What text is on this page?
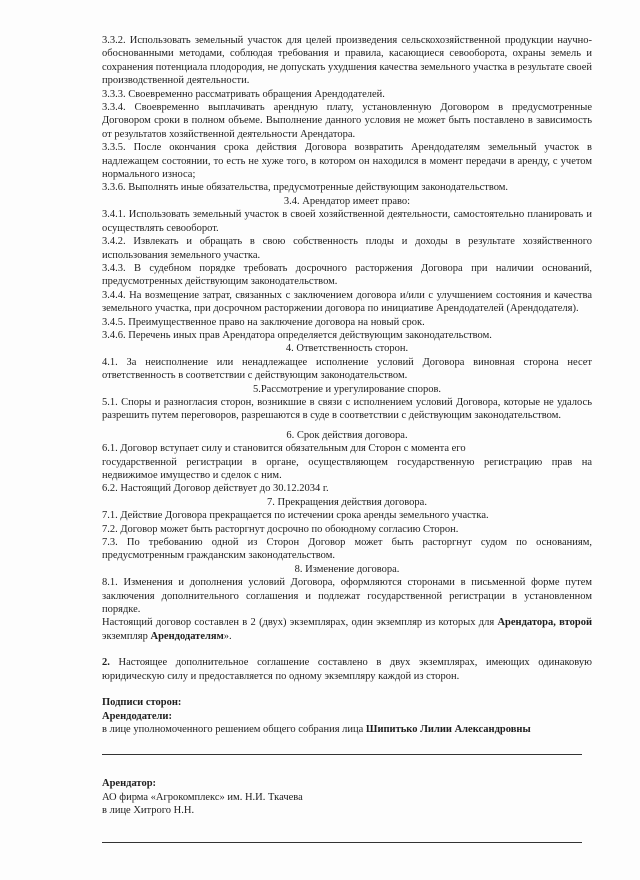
3.3.2. Использовать земельный участок для целей произведения сельскохозяйственной продукции научно-обоснованными методами, соблюдая требования и правила, касающиеся севооборота, охраны земель и сохранения потенциала плодородия, не допускать ухудшения качества земельного участка в результате своей производственной деятельности.

3.3.3. Своевременно рассматривать обращения Арендодателей.

3.3.4. Своевременно выплачивать арендную плату, установленную Договором в предусмотренные Договором сроки в полном объеме. Выполнение данного условия не может быть поставлено в зависимость от результатов хозяйственной деятельности Арендатора.

3.3.5. После окончания срока действия Договора возвратить Арендодателям земельный участок в надлежащем состоянии, то есть не хуже того, в котором он находился в момент передачи в аренду, с учетом нормального износа;

3.3.6. Выполнять иные обязательства, предусмотренные действующим законодательством.

3.4. Арендатор имеет право:

3.4.1. Использовать земельный участок в своей хозяйственной деятельности, самостоятельно планировать и осуществлять севооборот.

3.4.2. Извлекать и обращать в свою собственность плоды и доходы в результате хозяйственного использования земельного участка.

3.4.3. В судебном порядке требовать досрочного расторжения Договора при наличии оснований, предусмотренных действующим законодательством.

3.4.4. На возмещение затрат, связанных с заключением договора и/или с улучшением состояния и качества земельного участка, при досрочном расторжении договора по инициативе Арендодателей (Арендодателя).

3.4.5. Преимущественное право на заключение договора на новый срок.

3.4.6. Перечень иных прав Арендатора определяется действующим законодательством.

4. Ответственность сторон.

4.1. За неисполнение или ненадлежащее исполнение условий Договора виновная сторона несет ответственность в соответствии с действующим законодательством.

5.Рассмотрение и урегулирование споров.

5.1. Споры и разногласия сторон, возникшие в связи с исполнением условий Договора, которые не удалось разрешить путем переговоров, разрешаются в суде в соответствии с действующим законодательством.

6. Срок действия договора.

6.1. Договор вступает силу и становится обязательным для Сторон с момента его

государственной регистрации в органе, осуществляющем государственную регистрацию прав на недвижимое имущество и сделок с ним.

6.2. Настоящий Договор действует до 30.12.2034 г.

7. Прекращения действия договора.

7.1. Действие Договора прекращается по истечении срока аренды земельного участка.

7.2. Договор может быть расторгнут досрочно по обоюдному согласию Сторон.

7.3. По требованию одной из Сторон Договор может быть расторгнут судом по основаниям, предусмотренным гражданским законодательством.

8. Изменение договора.

8.1. Изменения и дополнения условий Договора, оформляются сторонами в письменной форме путем заключения дополнительного соглашения и подлежат государственной регистрации в установленном порядке.

Настоящий договор составлен в 2 (двух) экземплярах, один экземпляр из которых для Арендатора, второй экземпляр Арендодателям».

2. Настоящее дополнительное соглашение составлено в двух экземплярах, имеющих одинаковую юридическую силу и предоставляется по одному экземпляру каждой из сторон.

Подписи сторон:

Арендодатели:

в лице уполномоченного решением общего собрания лица Шипитько Лилии Александровны

Арендатор:

АО фирма «Агрокомплекс» им. Н.И. Ткачева

в лице Хитрого Н.Н.
